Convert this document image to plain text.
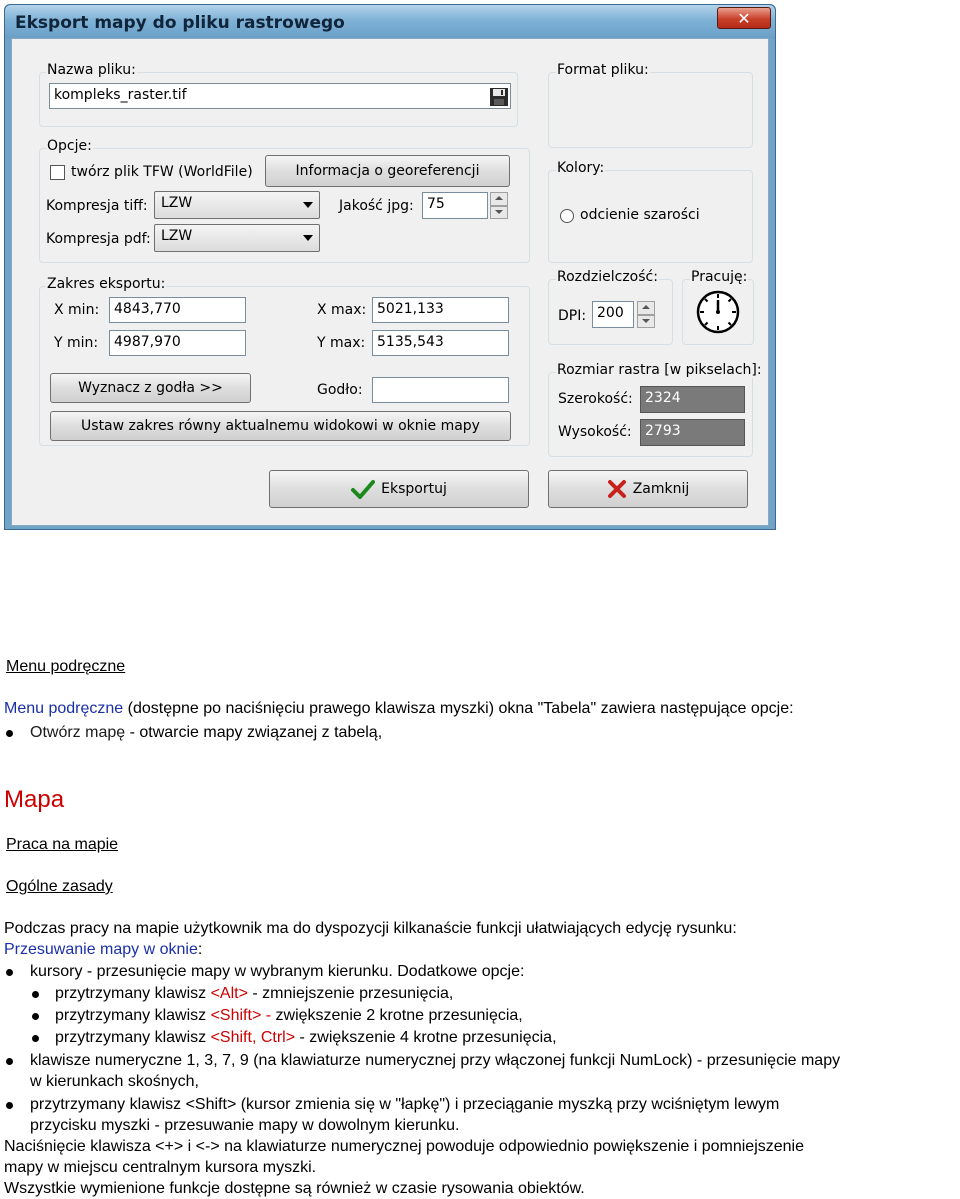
Eksport mapy do pliku rastrowego	✕
Nazwa pliku:
kompleks_raster.tif
Format pliku:
Opcje:
twórz plik TFW (WorldFile)	Informacja o georeferencji
Kompresja tiff: LZW	Jakość jpg: 75
Kompresja pdf: LZW
Kolory:
odcienie szarości
Zakres eksportu:
X min:	4843,770
Y min:	4987,970
X max: 5021,133
Y max: 5135,543
Wyznacz z godła >>	Godło:
Ustaw zakres równy aktualnemu widokowi w oknie mapy
Rozdzielczość:
DPI: 200
Pracuję:
Rozmiar rastra [w pikselach]:
Szerokość: 2324
Wysokość: 2793
Eksportuj	Zamknij
Menu podręczne
Menu podręczne (dostępne po naciśnięciu prawego klawisza myszki) okna "Tabela" zawiera następujące opcje:
Otwórz mapę - otwarcie mapy związanej z tabelą,
Mapa
Praca na mapie
Ogólne zasady
Podczas pracy na mapie użytkownik ma do dyspozycji kilkanaście funkcji ułatwiających edycję rysunku:
Przesuwanie mapy w oknie:
kursory - przesunięcie mapy w wybranym kierunku. Dodatkowe opcje:
przytrzymany klawisz <Alt> - zmniejszenie przesunięcia,
przytrzymany klawisz <Shift> - zwiększenie 2 krotne przesunięcia,
przytrzymany klawisz <Shift, Ctrl> - zwiększenie 4 krotne przesunięcia,
klawisze numeryczne 1, 3, 7, 9 (na klawiaturze numerycznej przy włączonej funkcji NumLock) - przesunięcie mapy
w kierunkach skośnych,
przytrzymany klawisz <Shift> (kursor zmienia się w "łapkę") i przeciąganie myszką przy wciśniętym lewym
przycisku myszki - przesuwanie mapy w dowolnym kierunku.
Naciśnięcie klawisza <+> i <-> na klawiaturze numerycznej powoduje odpowiednio powiększenie i pomniejszenie
mapy w miejscu centralnym kursora myszki.
Wszystkie wymienione funkcje dostępne są również w czasie rysowania obiektów.
